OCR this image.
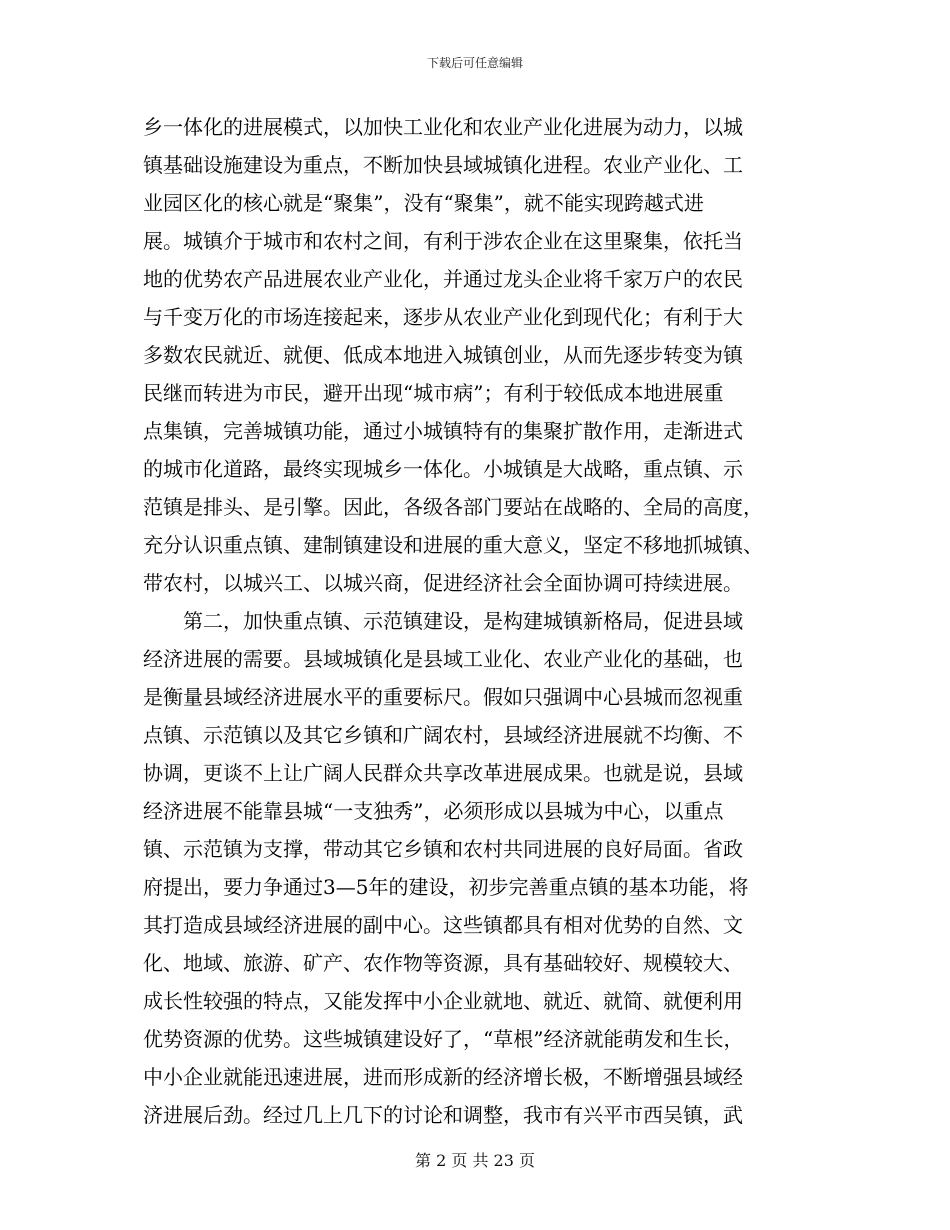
下载后可任意编辑
乡一体化的进展模式，以加快工业化和农业产业化进展为动力，以城
镇基础设施建设为重点，不断加快县域城镇化进程。农业产业化、工
业园区化的核心就是“聚集”，没有“聚集”，就不能实现跨越式进
展。城镇介于城市和农村之间，有利于涉农企业在这里聚集，依托当
地的优势农产品进展农业产业化，并通过龙头企业将千家万户的农民
与千变万化的市场连接起来，逐步从农业产业化到现代化；有利于大
多数农民就近、就便、低成本地进入城镇创业，从而先逐步转变为镇
民继而转进为市民，避开出现“城市病”；有利于较低成本地进展重
点集镇，完善城镇功能，通过小城镇特有的集聚扩散作用，走渐进式
的城市化道路，最终实现城乡一体化。小城镇是大战略，重点镇、示
范镇是排头、是引擎。因此，各级各部门要站在战略的、全局的高度，
充分认识重点镇、建制镇建设和进展的重大意义，坚定不移地抓城镇、
带农村，以城兴工、以城兴商，促进经济社会全面协调可持续进展。
第二，加快重点镇、示范镇建设，是构建城镇新格局，促进县域
经济进展的需要。县域城镇化是县域工业化、农业产业化的基础，也
是衡量县域经济进展水平的重要标尺。假如只强调中心县城而忽视重
点镇、示范镇以及其它乡镇和广阔农村，县域经济进展就不均衡、不
协调，更谈不上让广阔人民群众共享改革进展成果。也就是说，县域
经济进展不能靠县城“一支独秀”，必须形成以县城为中心，以重点
镇、示范镇为支撑，带动其它乡镇和农村共同进展的良好局面。省政
府提出，要力争通过3—5年的建设，初步完善重点镇的基本功能，将
其打造成县域经济进展的副中心。这些镇都具有相对优势的自然、文
化、地域、旅游、矿产、农作物等资源，具有基础较好、规模较大、
成长性较强的特点，又能发挥中小企业就地、就近、就简、就便利用
优势资源的优势。这些城镇建设好了，“草根”经济就能萌发和生长，
中小企业就能迅速进展，进而形成新的经济增长极，不断增强县域经
济进展后劲。经过几上几下的讨论和调整，我市有兴平市西吴镇，武
第 2 页 共 23 页
